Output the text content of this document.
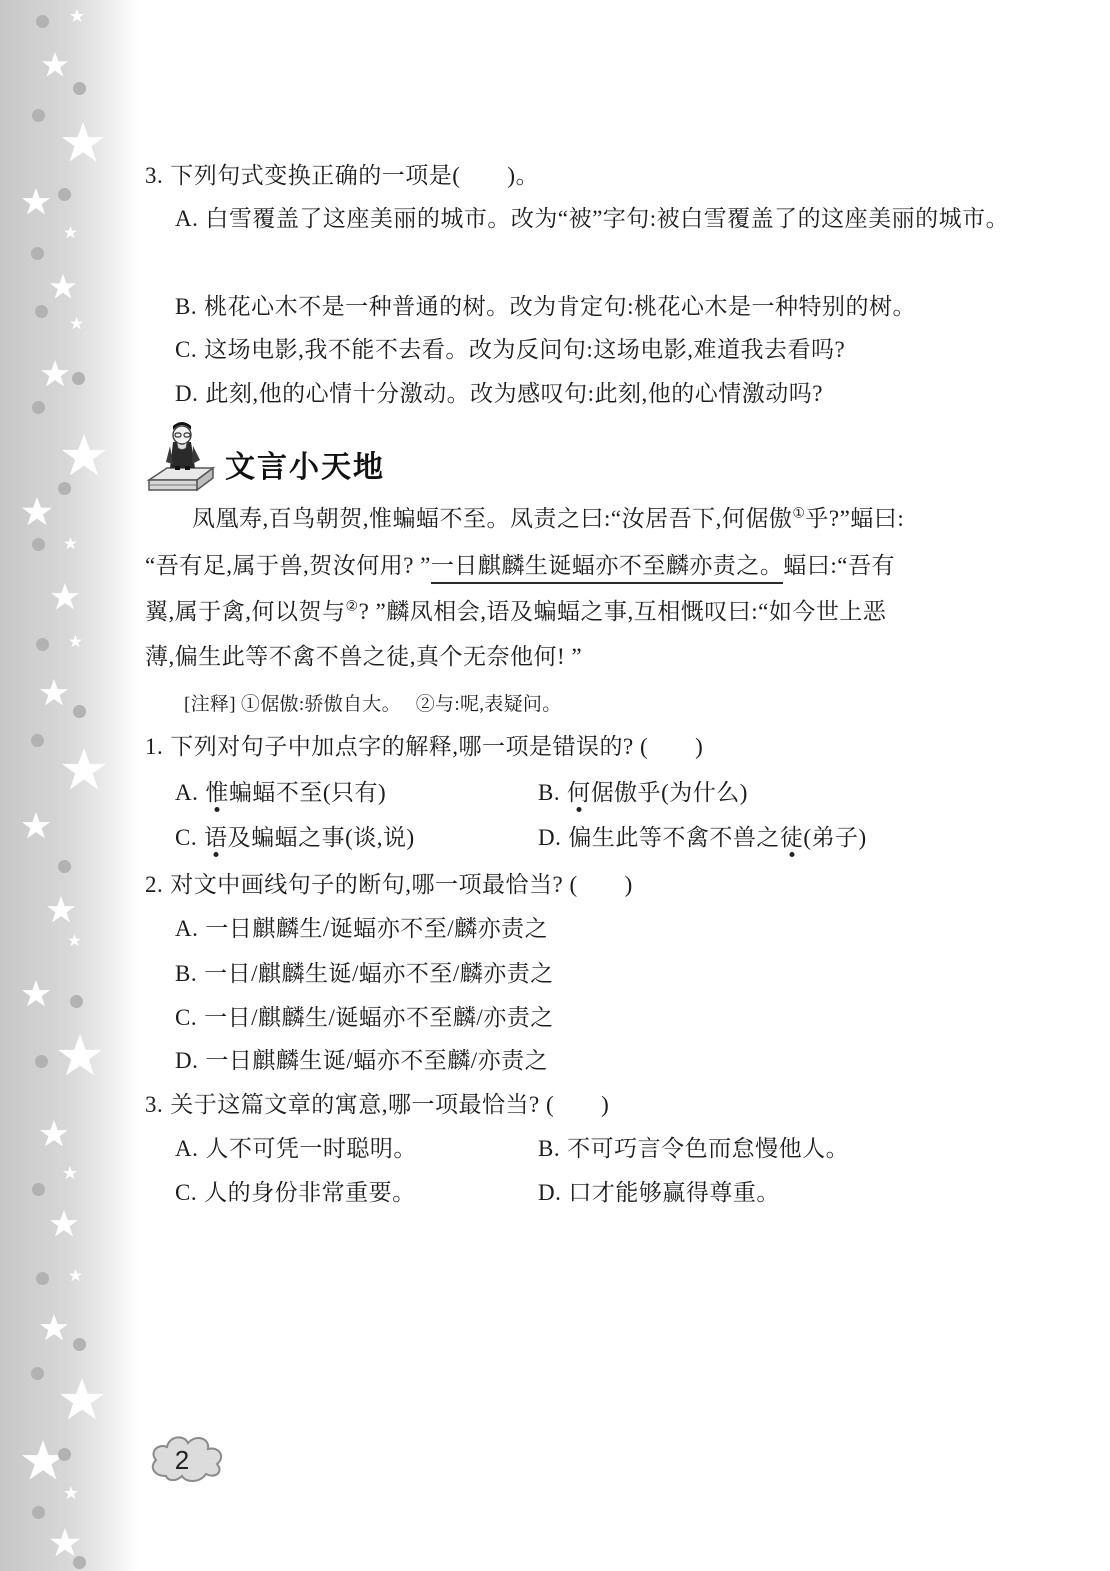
3. 下列句式变换正确的一项是(　　)。
A. 白雪覆盖了这座美丽的城市。改为“被”字句:被白雪覆盖了的这座美丽的城市。
B. 桃花心木不是一种普通的树。改为肯定句:桃花心木是一种特别的树。
C. 这场电影,我不能不去看。改为反问句:这场电影,难道我去看吗?
D. 此刻,他的心情十分激动。改为感叹句:此刻,他的心情激动吗?
文言小天地
凤凰寿,百鸟朝贺,惟蝙蝠不至。凤责之曰:“汝居吾下,何倨傲①乎?”蝠曰:
“吾有足,属于兽,贺汝何用? ”一日麒麟生诞蝠亦不至麟亦责之。蝠曰:“吾有
翼,属于禽,何以贺与②? ”麟凤相会,语及蝙蝠之事,互相慨叹曰:“如今世上恶
薄,偏生此等不禽不兽之徒,真个无奈他何! ”
[注释] ①倨傲:骄傲自大。　 ②与:呢,表疑问。
1. 下列对句子中加点字的解释,哪一项是错误的? (　　)
A. 惟蝙蝠不至(只有)	B. 何倨傲乎(为什么)
C. 语及蝙蝠之事(谈,说)	D. 偏生此等不禽不兽之徒(弟子)
2. 对文中画线句子的断句,哪一项最恰当? (　　)
A. 一日麒麟生/诞蝠亦不至/麟亦责之
B. 一日/麒麟生诞/蝠亦不至/麟亦责之
C. 一日/麒麟生/诞蝠亦不至麟/亦责之
D. 一日麒麟生诞/蝠亦不至麟/亦责之
3. 关于这篇文章的寓意,哪一项最恰当? (　　)
A. 人不可凭一时聪明。	B. 不可巧言令色而怠慢他人。
C. 人的身份非常重要。	D. 口才能够赢得尊重。
2
